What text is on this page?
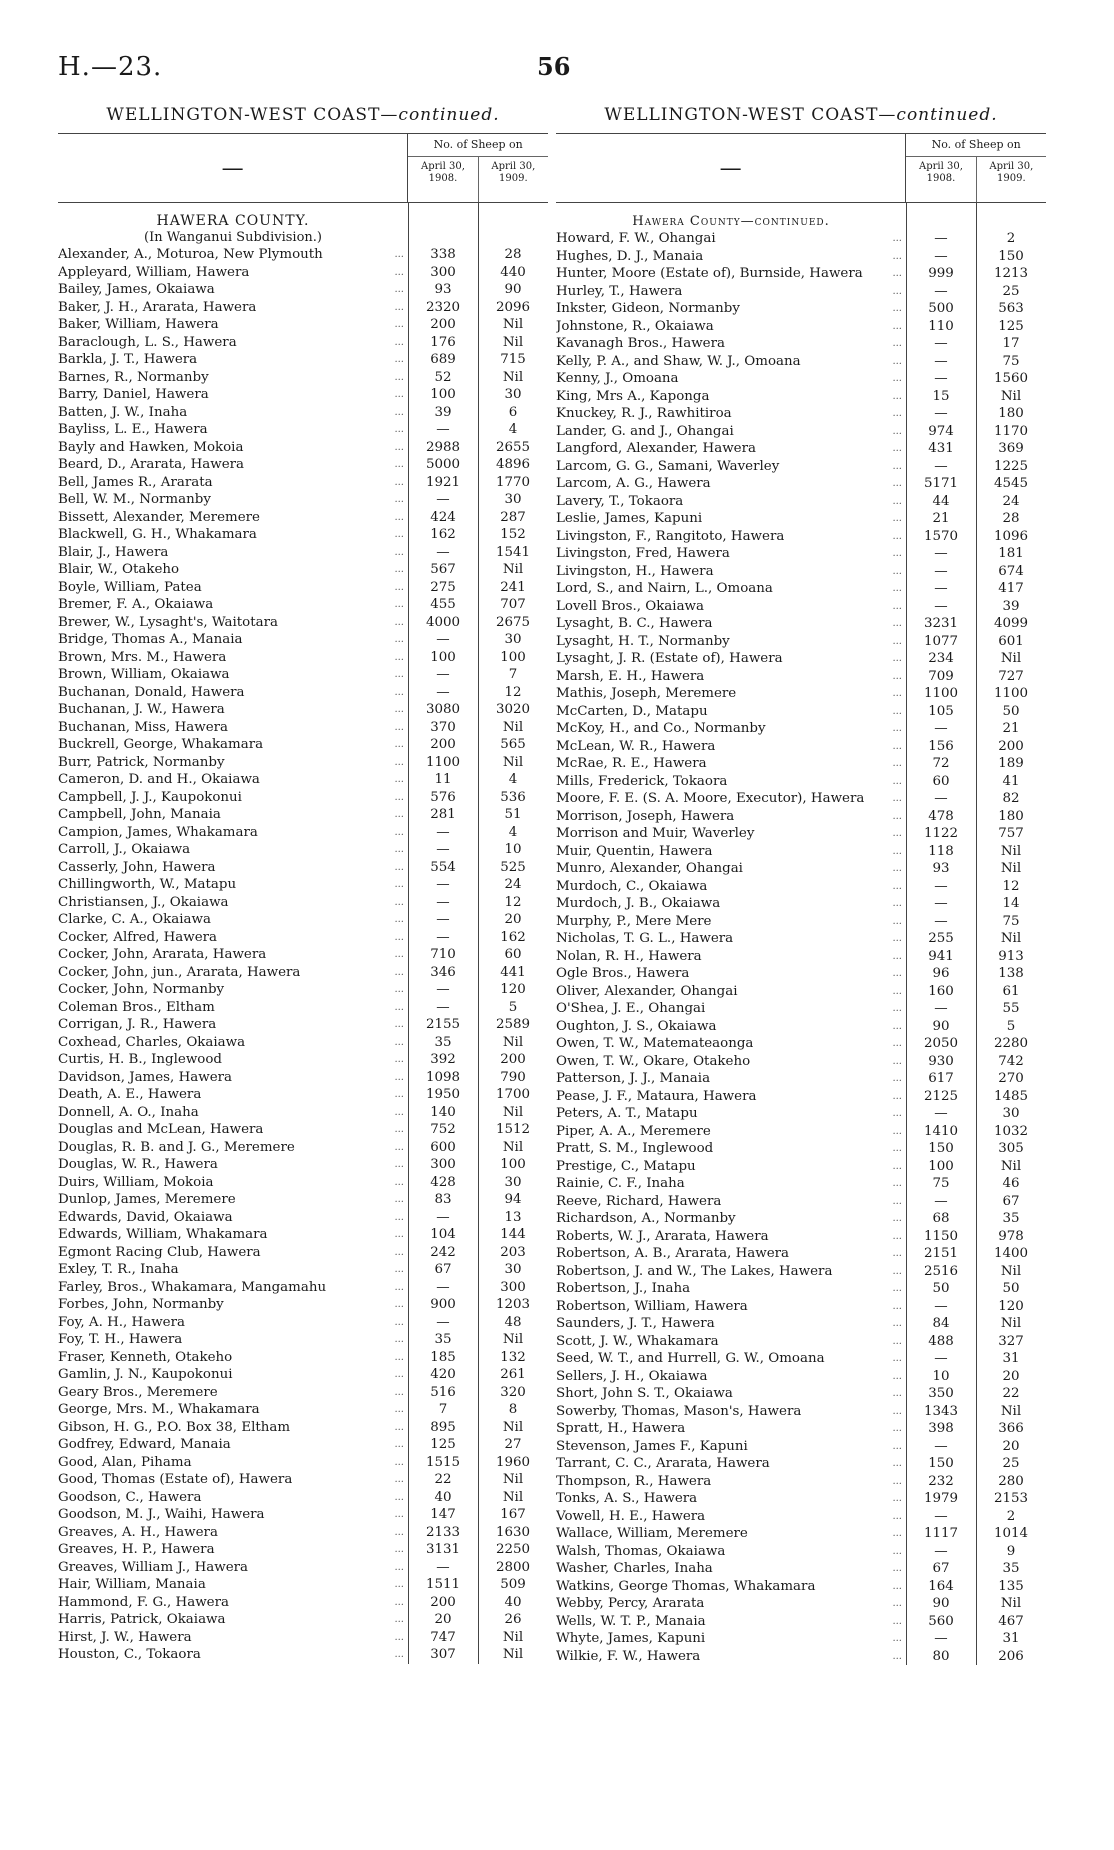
H.—23.	56
WELLINGTON-WEST COAST—continued.
—
No. of Sheep on
April 30, 1908.
April 30, 1909.
HAWERA COUNTY.
(In Wanganui Subdivision.)
Alexander, A., Moturoa, New Plymouth ...	338	28
Appleyard, William, Hawera ...	300	440
Bailey, James, Okaiawa ...	93	90
Baker, J. H., Ararata, Hawera ...	2320	2096
Baker, William, Hawera ...	200	Nil
Baraclough, L. S., Hawera ...	176	Nil
Barkla, J. T., Hawera ...	689	715
Barnes, R., Normanby ...	52	Nil
Barry, Daniel, Hawera ...	100	30
Batten, J. W., Inaha ...	39	6
Bayliss, L. E., Hawera ...	—	4
Bayly and Hawken, Mokoia ...	2988	2655
Beard, D., Ararata, Hawera ...	5000	4896
Bell, James R., Ararata ...	1921	1770
Bell, W. M., Normanby ...	—	30
Bissett, Alexander, Meremere ...	424	287
Blackwell, G. H., Whakamara ...	162	152
Blair, J., Hawera ...	—	1541
Blair, W., Otakeho ...	567	Nil
Boyle, William, Patea ...	275	241
Bremer, F. A., Okaiawa ...	455	707
Brewer, W., Lysaght's, Waitotara ...	4000	2675
Bridge, Thomas A., Manaia ...	—	30
Brown, Mrs. M., Hawera ...	100	100
Brown, William, Okaiawa ...	—	7
Buchanan, Donald, Hawera ...	—	12
Buchanan, J. W., Hawera ...	3080	3020
Buchanan, Miss, Hawera ...	370	Nil
Buckrell, George, Whakamara ...	200	565
Burr, Patrick, Normanby ...	1100	Nil
Cameron, D. and H., Okaiawa ...	11	4
Campbell, J. J., Kaupokonui ...	576	536
Campbell, John, Manaia ...	281	51
Campion, James, Whakamara ...	—	4
Carroll, J., Okaiawa ...	—	10
Casserly, John, Hawera ...	554	525
Chillingworth, W., Matapu ...	—	24
Christiansen, J., Okaiawa ...	—	12
Clarke, C. A., Okaiawa ...	—	20
Cocker, Alfred, Hawera ...	—	162
Cocker, John, Ararata, Hawera ...	710	60
Cocker, John, jun., Ararata, Hawera ...	346	441
Cocker, John, Normanby ...	—	120
Coleman Bros., Eltham ...	—	5
Corrigan, J. R., Hawera ...	2155	2589
Coxhead, Charles, Okaiawa ...	35	Nil
Curtis, H. B., Inglewood ...	392	200
Davidson, James, Hawera ...	1098	790
Death, A. E., Hawera ...	1950	1700
Donnell, A. O., Inaha ...	140	Nil
Douglas and McLean, Hawera ...	752	1512
Douglas, R. B. and J. G., Meremere ...	600	Nil
Douglas, W. R., Hawera ...	300	100
Duirs, William, Mokoia ...	428	30
Dunlop, James, Meremere ...	83	94
Edwards, David, Okaiawa ...	—	13
Edwards, William, Whakamara ...	104	144
Egmont Racing Club, Hawera ...	242	203
Exley, T. R., Inaha ...	67	30
Farley, Bros., Whakamara, Mangamahu ...	—	300
Forbes, John, Normanby ...	900	1203
Foy, A. H., Hawera ...	—	48
Foy, T. H., Hawera ...	35	Nil
Fraser, Kenneth, Otakeho ...	185	132
Gamlin, J. N., Kaupokonui ...	420	261
Geary Bros., Meremere ...	516	320
George, Mrs. M., Whakamara ...	7	8
Gibson, H. G., P.O. Box 38, Eltham ...	895	Nil
Godfrey, Edward, Manaia ...	125	27
Good, Alan, Pihama ...	1515	1960
Good, Thomas (Estate of), Hawera ...	22	Nil
Goodson, C., Hawera ...	40	Nil
Goodson, M. J., Waihi, Hawera ...	147	167
Greaves, A. H., Hawera ...	2133	1630
Greaves, H. P., Hawera ...	3131	2250
Greaves, William J., Hawera ...	—	2800
Hair, William, Manaia ...	1511	509
Hammond, F. G., Hawera ...	200	40
Harris, Patrick, Okaiawa ...	20	26
Hirst, J. W., Hawera ...	747	Nil
Houston, C., Tokaora ...	307	Nil
WELLINGTON-WEST COAST—continued.
—
No. of Sheep on
April 30, 1908.
April 30, 1909.
Hawera County—continued.
Howard, F. W., Ohangai ...	—	2
Hughes, D. J., Manaia ...	—	150
Hunter, Moore (Estate of), Burnside, Hawera ...	999	1213
Hurley, T., Hawera ...	—	25
Inkster, Gideon, Normanby ...	500	563
Johnstone, R., Okaiawa ...	110	125
Kavanagh Bros., Hawera ...	—	17
Kelly, P. A., and Shaw, W. J., Omoana ...	—	75
Kenny, J., Omoana ...	—	1560
King, Mrs A., Kaponga ...	15	Nil
Knuckey, R. J., Rawhitiroa ...	—	180
Lander, G. and J., Ohangai ...	974	1170
Langford, Alexander, Hawera ...	431	369
Larcom, G. G., Samani, Waverley ...	—	1225
Larcom, A. G., Hawera ...	5171	4545
Lavery, T., Tokaora ...	44	24
Leslie, James, Kapuni ...	21	28
Livingston, F., Rangitoto, Hawera ...	1570	1096
Livingston, Fred, Hawera ...	—	181
Livingston, H., Hawera ...	—	674
Lord, S., and Nairn, L., Omoana ...	—	417
Lovell Bros., Okaiawa ...	—	39
Lysaght, B. C., Hawera ...	3231	4099
Lysaght, H. T., Normanby ...	1077	601
Lysaght, J. R. (Estate of), Hawera ...	234	Nil
Marsh, E. H., Hawera ...	709	727
Mathis, Joseph, Meremere ...	1100	1100
McCarten, D., Matapu ...	105	50
McKoy, H., and Co., Normanby ...	—	21
McLean, W. R., Hawera ...	156	200
McRae, R. E., Hawera ...	72	189
Mills, Frederick, Tokaora ...	60	41
Moore, F. E. (S. A. Moore, Executor), Hawera ...	—	82
Morrison, Joseph, Hawera ...	478	180
Morrison and Muir, Waverley ...	1122	757
Muir, Quentin, Hawera ...	118	Nil
Munro, Alexander, Ohangai ...	93	Nil
Murdoch, C., Okaiawa ...	—	12
Murdoch, J. B., Okaiawa ...	—	14
Murphy, P., Mere Mere ...	—	75
Nicholas, T. G. L., Hawera ...	255	Nil
Nolan, R. H., Hawera ...	941	913
Ogle Bros., Hawera ...	96	138
Oliver, Alexander, Ohangai ...	160	61
O'Shea, J. E., Ohangai ...	—	55
Oughton, J. S., Okaiawa ...	90	5
Owen, T. W., Matemateaonga ...	2050	2280
Owen, T. W., Okare, Otakeho ...	930	742
Patterson, J. J., Manaia ...	617	270
Pease, J. F., Mataura, Hawera ...	2125	1485
Peters, A. T., Matapu ...	—	30
Piper, A. A., Meremere ...	1410	1032
Pratt, S. M., Inglewood ...	150	305
Prestige, C., Matapu ...	100	Nil
Rainie, C. F., Inaha ...	75	46
Reeve, Richard, Hawera ...	—	67
Richardson, A., Normanby ...	68	35
Roberts, W. J., Ararata, Hawera ...	1150	978
Robertson, A. B., Ararata, Hawera ...	2151	1400
Robertson, J. and W., The Lakes, Hawera ...	2516	Nil
Robertson, J., Inaha ...	50	50
Robertson, William, Hawera ...	—	120
Saunders, J. T., Hawera ...	84	Nil
Scott, J. W., Whakamara ...	488	327
Seed, W. T., and Hurrell, G. W., Omoana ...	—	31
Sellers, J. H., Okaiawa ...	10	20
Short, John S. T., Okaiawa ...	350	22
Sowerby, Thomas, Mason's, Hawera ...	1343	Nil
Spratt, H., Hawera ...	398	366
Stevenson, James F., Kapuni ...	—	20
Tarrant, C. C., Ararata, Hawera ...	150	25
Thompson, R., Hawera ...	232	280
Tonks, A. S., Hawera ...	1979	2153
Vowell, H. E., Hawera ...	—	2
Wallace, William, Meremere ...	1117	1014
Walsh, Thomas, Okaiawa ...	—	9
Washer, Charles, Inaha ...	67	35
Watkins, George Thomas, Whakamara ...	164	135
Webby, Percy, Ararata ...	90	Nil
Wells, W. T. P., Manaia ...	560	467
Whyte, James, Kapuni ...	—	31
Wilkie, F. W., Hawera ...	80	206
